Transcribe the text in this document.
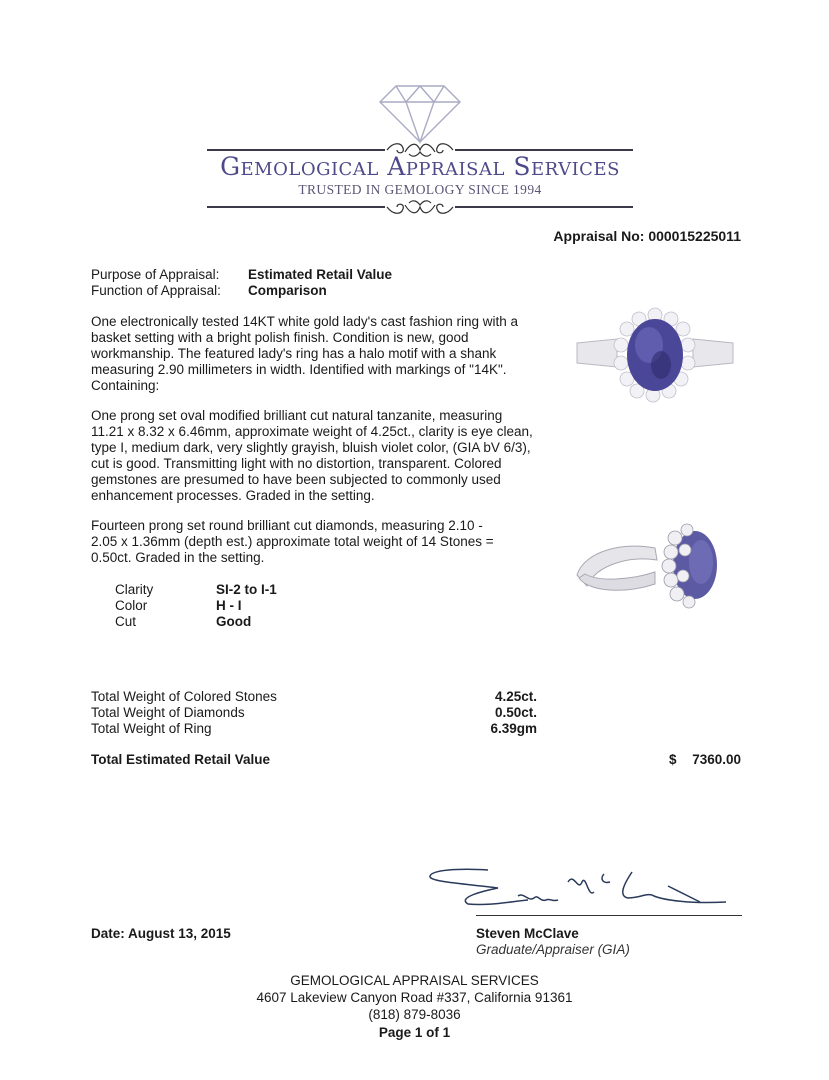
Gemological Appraisal Services
TRUSTED IN GEMOLOGY SINCE 1994
Appraisal No: 000015225011
Purpose of Appraisal: Estimated Retail Value
Function of Appraisal: Comparison

One electronically tested 14KT white gold lady's cast fashion ring with a basket setting with a bright polish finish. Condition is new, good workmanship. The featured lady's ring has a halo motif with a shank measuring 2.90 millimeters in width. Identified with markings of "14K". Containing:

One prong set oval modified brilliant cut natural tanzanite, measuring 11.21 x 8.32 x 6.46mm, approximate weight of 4.25ct., clarity is eye clean, type I, medium dark, very slightly grayish, bluish violet color, (GIA bV 6/3), cut is good. Transmitting light with no distortion, transparent. Colored gemstones are presumed to have been subjected to commonly used enhancement processes. Graded in the setting.

Fourteen prong set round brilliant cut diamonds, measuring 2.10 - 2.05 x 1.36mm (depth est.) approximate total weight of 14 Stones = 0.50ct. Graded in the setting.

Clarity	SI-2 to I-1
Color	H - I
Cut	Good
Total Weight of Colored Stones	4.25ct.
Total Weight of Diamonds	0.50ct.
Total Weight of Ring	6.39gm
Total Estimated Retail Value	$ 7360.00
Date: August 13, 2015	Steven McClave
Graduate/Appraiser (GIA)
GEMOLOGICAL APPRAISAL SERVICES
4607 Lakeview Canyon Road #337, California 91361
(818) 879-8036
Page 1 of 1
